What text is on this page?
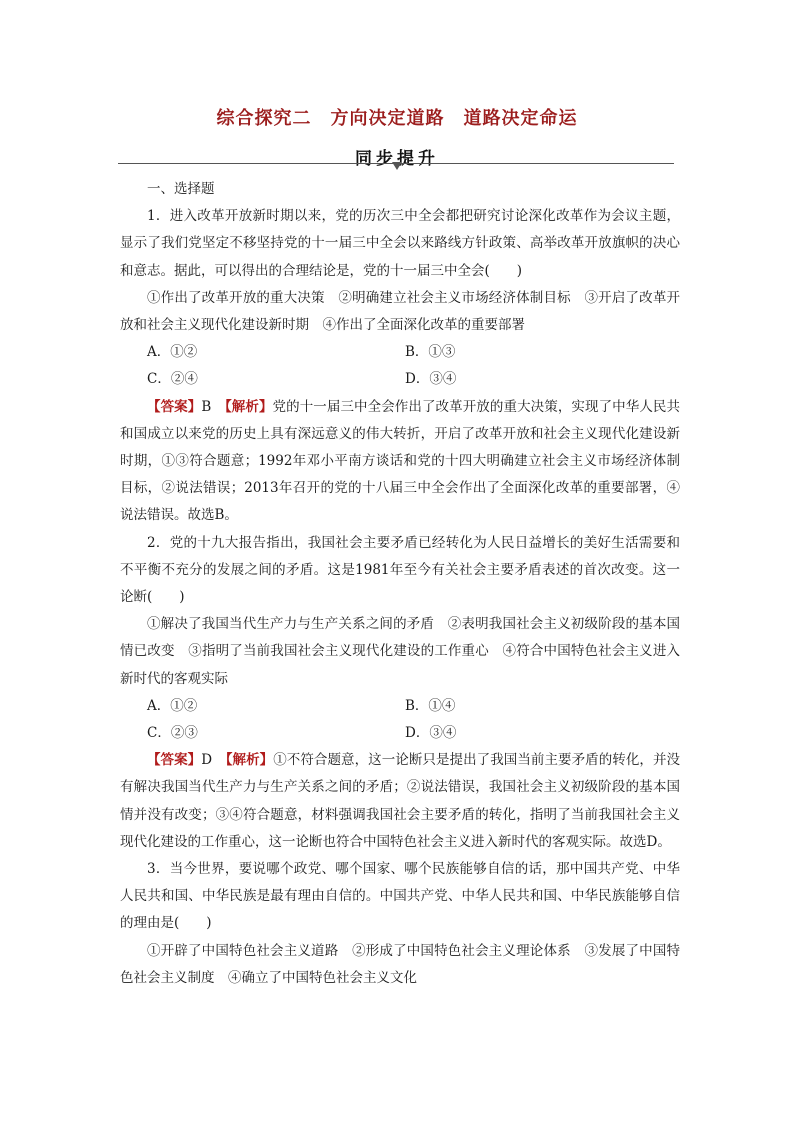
综合探究二　方向决定道路　道路决定命运
同步提升

一、选择题

1．进入改革开放新时期以来，党的历次三中全会都把研究讨论深化改革作为会议主题，显示了我们党坚定不移坚持党的十一届三中全会以来路线方针政策、高举改革开放旗帜的决心和意志。据此，可以得出的合理结论是，党的十一届三中全会(　　)

①作出了改革开放的重大决策　②明确建立社会主义市场经济体制目标　③开启了改革开放和社会主义现代化建设新时期　④作出了全面深化改革的重要部署

A．①②	B．①③
C．②④	D．③④

【答案】B　 【解析】党的十一届三中全会作出了改革开放的重大决策，实现了中华人民共和国成立以来党的历史上具有深远意义的伟大转折，开启了改革开放和社会主义现代化建设新时期，①③符合题意；1992年邓小平南方谈话和党的十四大明确建立社会主义市场经济体制目标，②说法错误；2013年召开的党的十八届三中全会作出了全面深化改革的重要部署，④说法错误。故选B。

2．党的十九大报告指出，我国社会主要矛盾已经转化为人民日益增长的美好生活需要和不平衡不充分的发展之间的矛盾。这是1981年至今有关社会主要矛盾表述的首次改变。这一论断(　　)

①解决了我国当代生产力与生产关系之间的矛盾　②表明我国社会主义初级阶段的基本国情已改变　③指明了当前我国社会主义现代化建设的工作重心　④符合中国特色社会主义进入新时代的客观实际

A．①②	B．①④
C．②③	D．③④

【答案】D　 【解析】①不符合题意，这一论断只是提出了我国当前主要矛盾的转化，并没有解决我国当代生产力与生产关系之间的矛盾；②说法错误，我国社会主义初级阶段的基本国情并没有改变；③④符合题意，材料强调我国社会主要矛盾的转化，指明了当前我国社会主义现代化建设的工作重心，这一论断也符合中国特色社会主义进入新时代的客观实际。故选D。

3．当今世界，要说哪个政党、哪个国家、哪个民族能够自信的话，那中国共产党、中华人民共和国、中华民族是最有理由自信的。中国共产党、中华人民共和国、中华民族能够自信的理由是(　　)

①开辟了中国特色社会主义道路　②形成了中国特色社会主义理论体系　③发展了中国特色社会主义制度　④确立了中国特色社会主义文化
